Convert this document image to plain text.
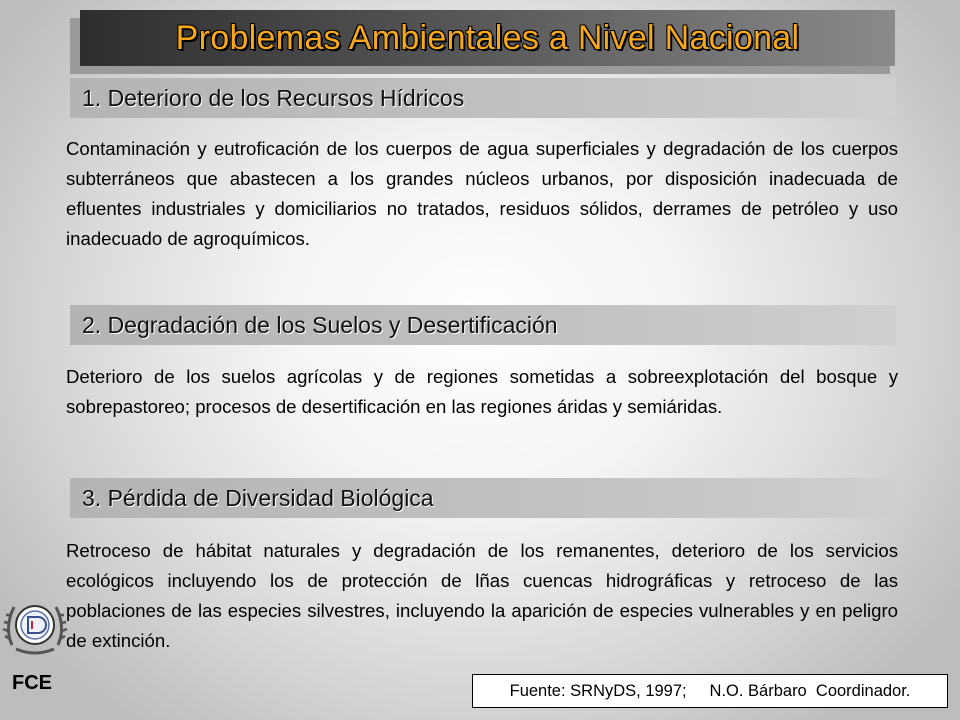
Problemas Ambientales a Nivel Nacional
1. Deterioro de los Recursos Hídricos
Contaminación y eutroficación de los cuerpos de agua superficiales y degradación de los cuerpos subterráneos que abastecen a los grandes núcleos urbanos, por disposición inadecuada de efluentes industriales y domiciliarios no tratados, residuos sólidos, derrames de petróleo y uso inadecuado de agroquímicos.
2. Degradación de los Suelos y Desertificación
Deterioro de los suelos agrícolas y de regiones sometidas a sobreexplotación del bosque y sobrepastoreo; procesos de desertificación en las regiones áridas y semiáridas.
3. Pérdida de Diversidad Biológica
Retroceso de hábitat naturales y degradación de los remanentes, deterioro de los servicios ecológicos incluyendo los de protección de lñas cuencas hidrográficas y retroceso de las poblaciones de las especies silvestres, incluyendo la aparición de especies vulnerables y en peligro de extinción.
FCE	Fuente: SRNyDS, 1997;     N.O. Bárbaro  Coordinador.
